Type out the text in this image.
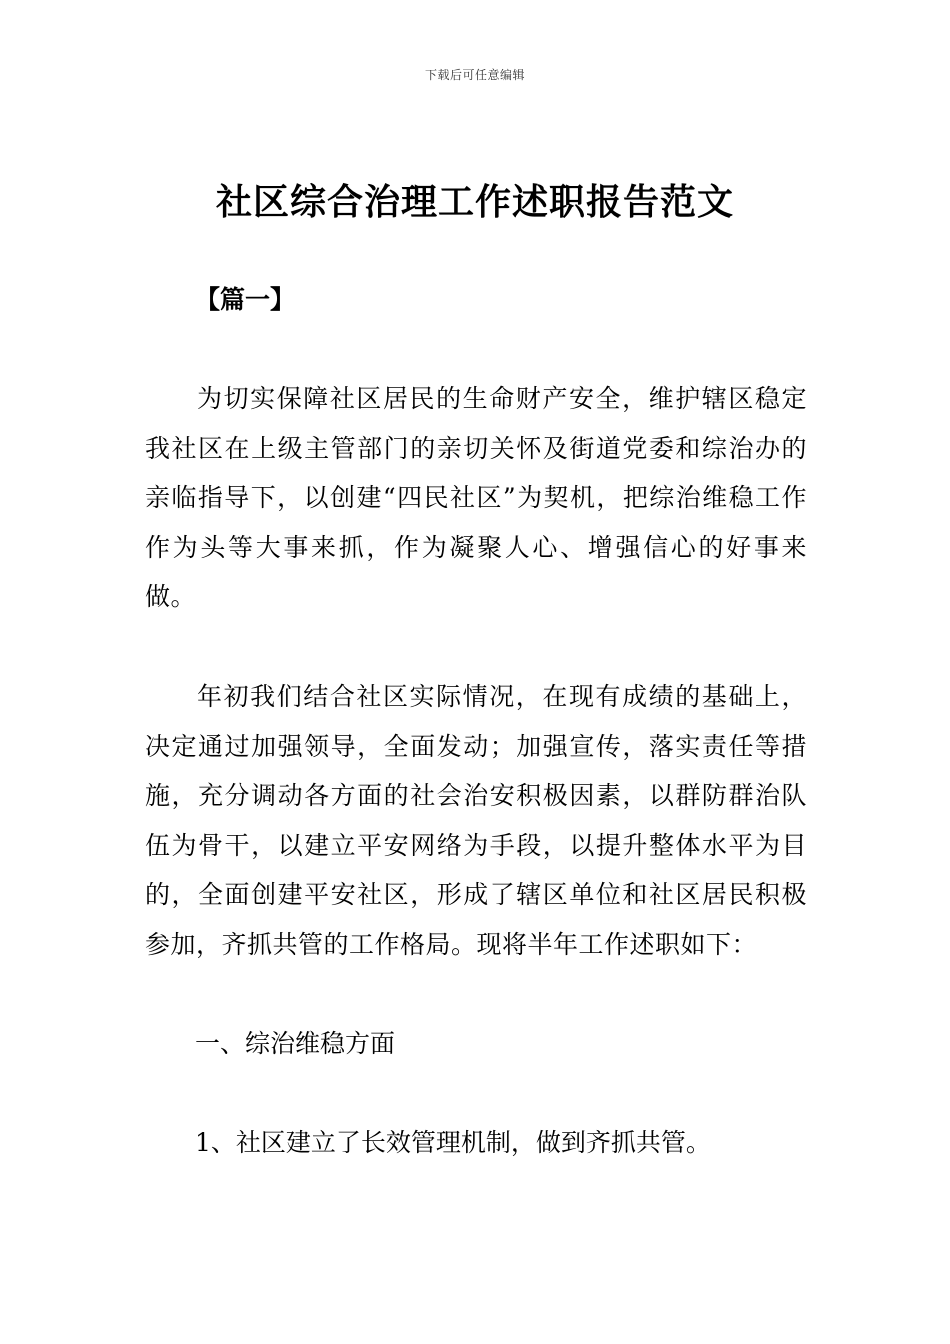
下载后可任意编辑
社区综合治理工作述职报告范文
【篇一】
为切实保障社区居民的生命财产安全，维护辖区稳定我社区在上级主管部门的亲切关怀及街道党委和综治办的亲临指导下，以创建“四民社区”为契机，把综治维稳工作作为头等大事来抓，作为凝聚人心、增强信心的好事来做。
年初我们结合社区实际情况，在现有成绩的基础上，决定通过加强领导，全面发动；加强宣传，落实责任等措施，充分调动各方面的社会治安积极因素，以群防群治队伍为骨干，以建立平安网络为手段，以提升整体水平为目的，全面创建平安社区，形成了辖区单位和社区居民积极参加，齐抓共管的工作格局。现将半年工作述职如下：
一、综治维稳方面
1、社区建立了长效管理机制，做到齐抓共管。
